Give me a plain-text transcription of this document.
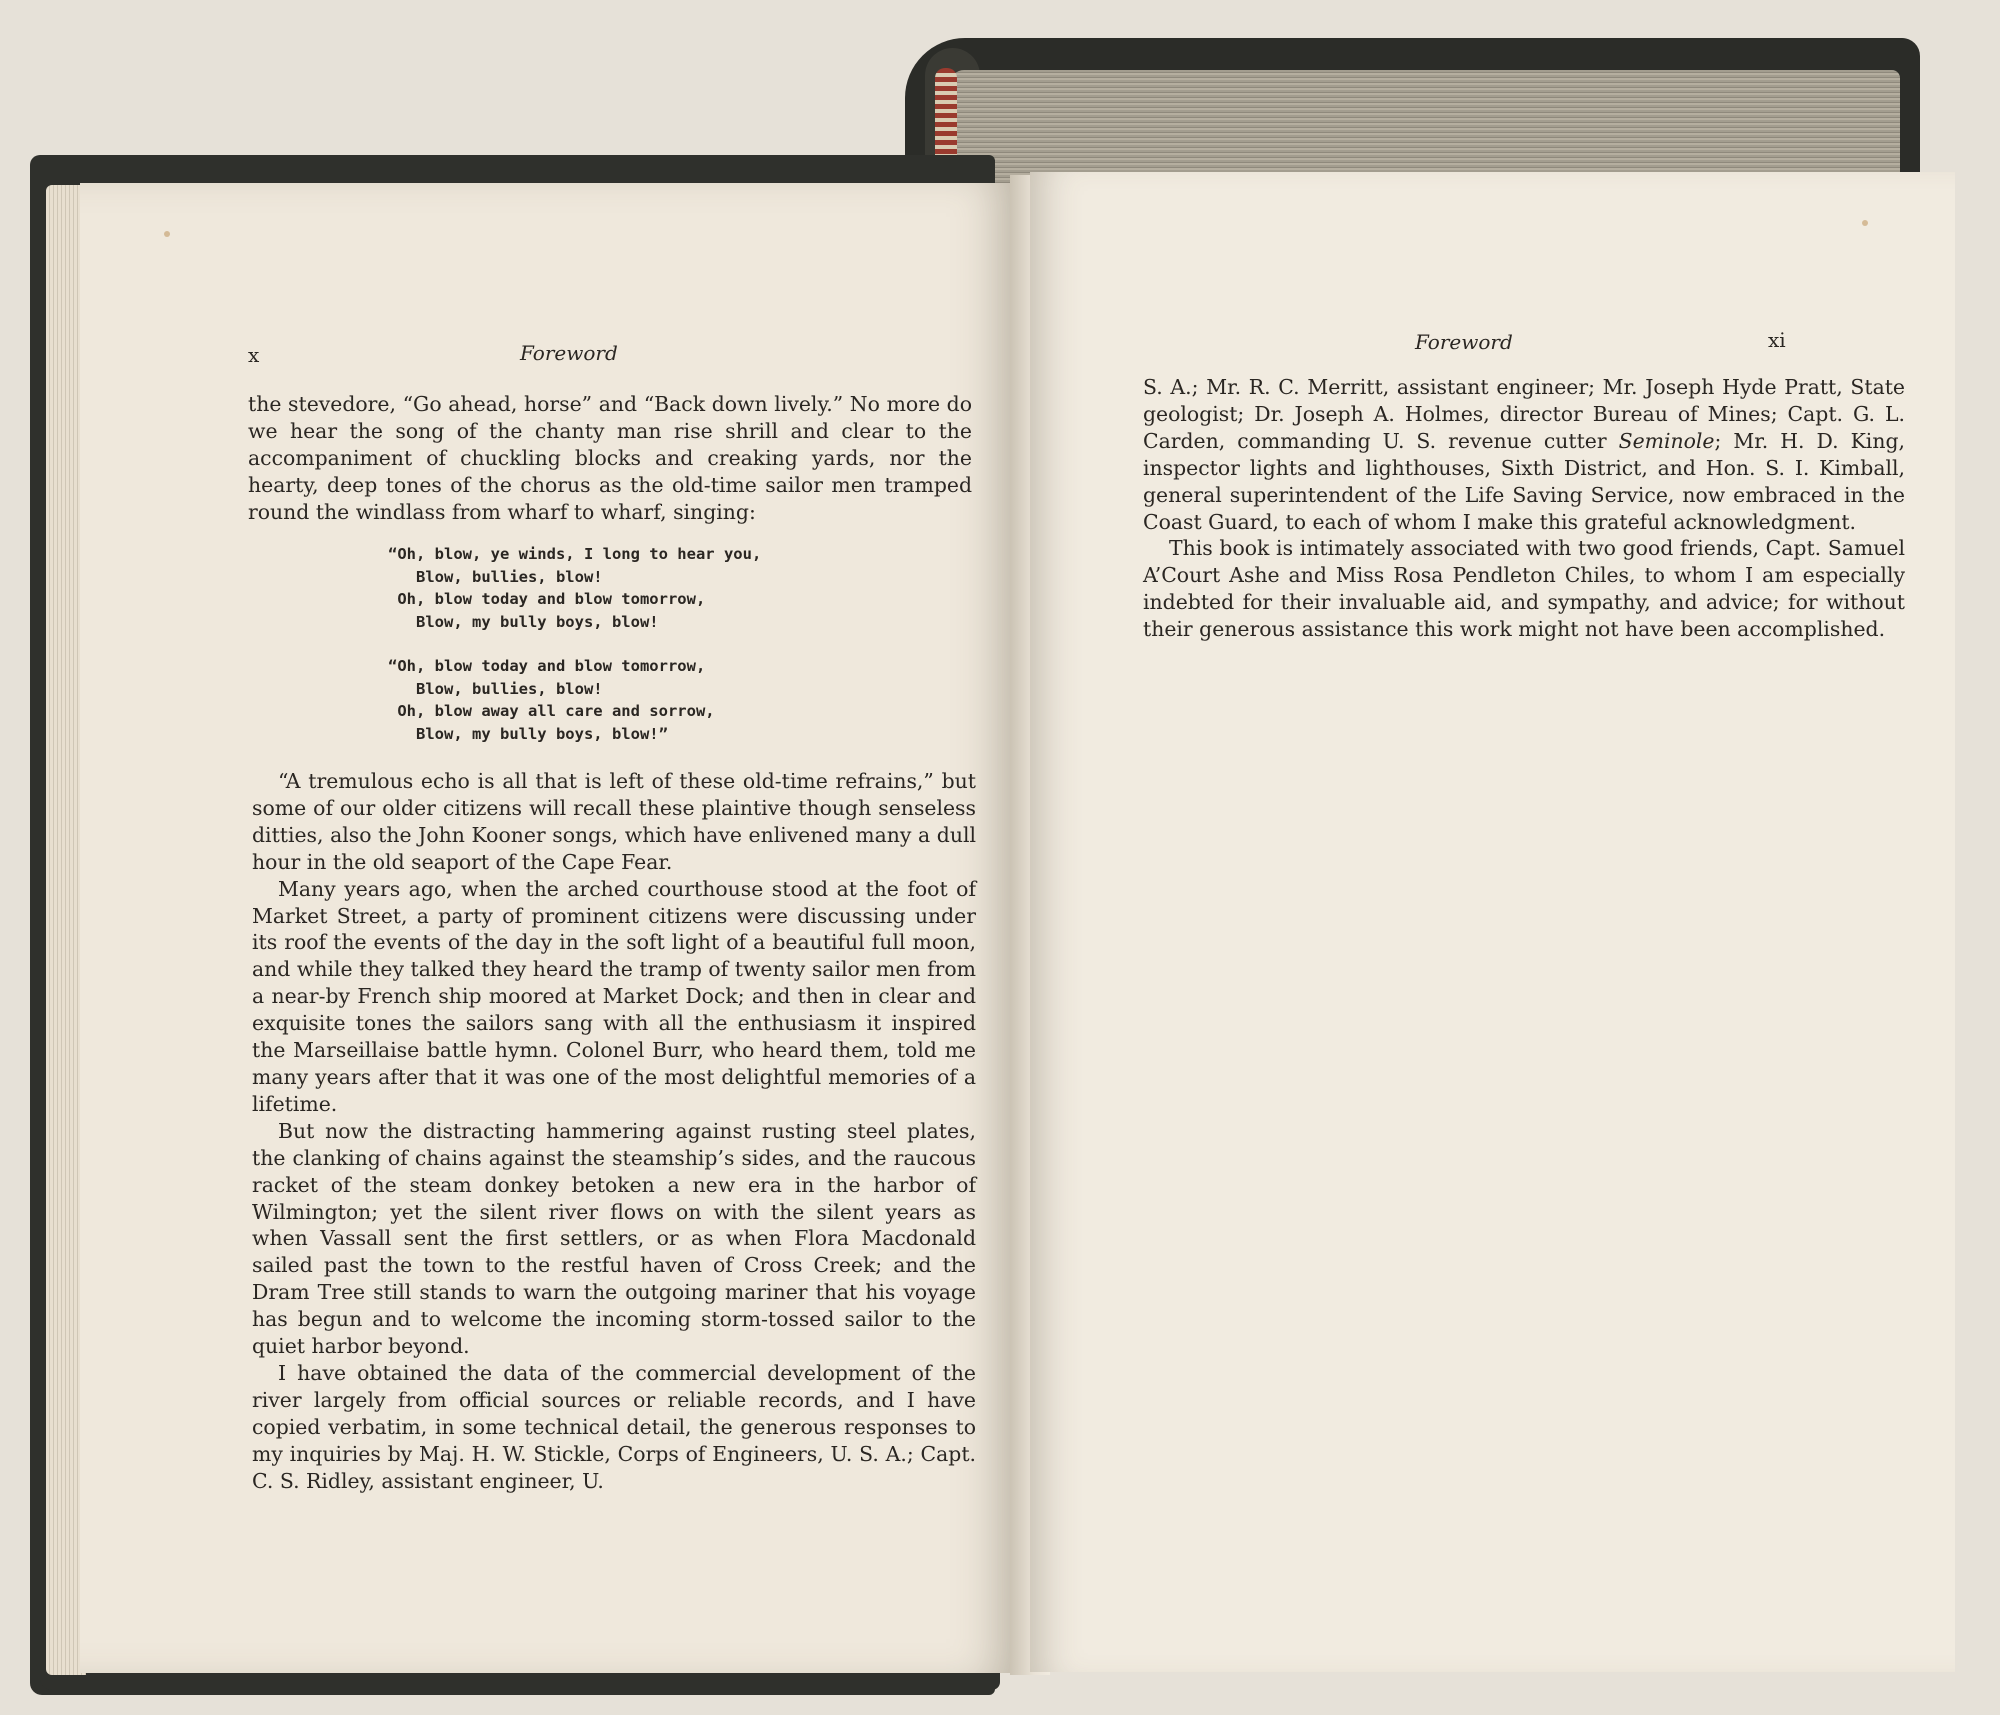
x	Foreword

the stevedore, “Go ahead, horse” and “Back down lively.” No more do we hear the song of the chanty man rise shrill and clear to the accompaniment of chuckling blocks and creaking yards, nor the hearty, deep tones of the chorus as the old-time sailor men tramped round the windlass from wharf to wharf, singing:

“Oh, blow, ye winds, I long to hear you,
Blow, bullies, blow!
Oh, blow today and blow tomorrow,
Blow, my bully boys, blow!
“Oh, blow today and blow tomorrow,
Blow, bullies, blow!
Oh, blow away all care and sorrow,
Blow, my bully boys, blow!”

“A tremulous echo is all that is left of these old-time refrains,” but some of our older citizens will recall these plaintive though senseless ditties, also the John Kooner songs, which have enlivened many a dull hour in the old seaport of the Cape Fear.

Many years ago, when the arched courthouse stood at the foot of Market Street, a party of prominent citizens were discussing under its roof the events of the day in the soft light of a beautiful full moon, and while they talked they heard the tramp of twenty sailor men from a near-by French ship moored at Market Dock; and then in clear and exquisite tones the sailors sang with all the enthusiasm it inspired the Marseillaise battle hymn. Colonel Burr, who heard them, told me many years after that it was one of the most delightful memories of a lifetime.

But now the distracting hammering against rusting steel plates, the clanking of chains against the steamship’s sides, and the raucous racket of the steam donkey betoken a new era in the harbor of Wilmington; yet the silent river flows on with the silent years as when Vassall sent the first settlers, or as when Flora Macdonald sailed past the town to the restful haven of Cross Creek; and the Dram Tree still stands to warn the outgoing mariner that his voyage has begun and to welcome the incoming storm-tossed sailor to the quiet harbor beyond.

I have obtained the data of the commercial development of the river largely from official sources or reliable records, and I have copied verbatim, in some technical detail, the generous responses to my inquiries by Maj. H. W. Stickle, Corps of Engineers, U. S. A.; Capt. C. S. Ridley, assistant engineer, U.

Foreword	xi

S. A.; Mr. R. C. Merritt, assistant engineer; Mr. Joseph Hyde Pratt, State geologist; Dr. Joseph A. Holmes, director Bureau of Mines; Capt. G. L. Carden, commanding U. S. revenue cutter Seminole; Mr. H. D. King, inspector lights and lighthouses, Sixth District, and Hon. S. I. Kimball, general superintendent of the Life Saving Service, now embraced in the Coast Guard, to each of whom I make this grateful acknowledgment.

This book is intimately associated with two good friends, Capt. Samuel A’Court Ashe and Miss Rosa Pendleton Chiles, to whom I am especially indebted for their invaluable aid, and sympathy, and advice; for without their generous assistance this work might not have been accomplished.
